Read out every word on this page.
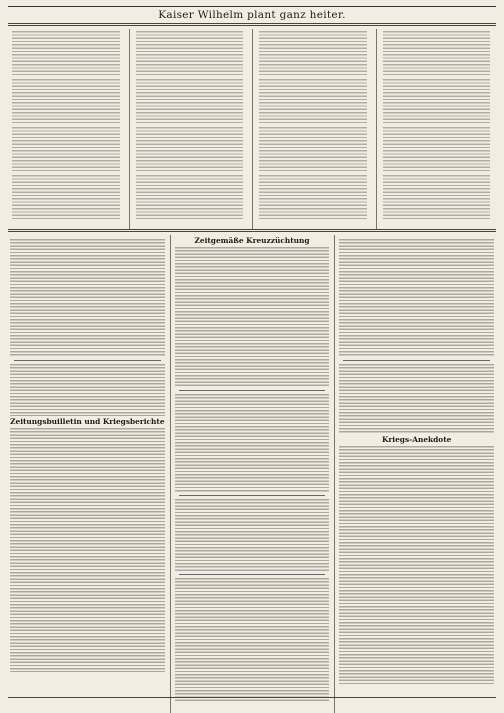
Kaiser Wilhelm plant ganz heiter.
Zeitungsbuilletin und Kriegsberichte
Zeitgemäße Kreuzzüchtung
Kriegs-Anekdote
